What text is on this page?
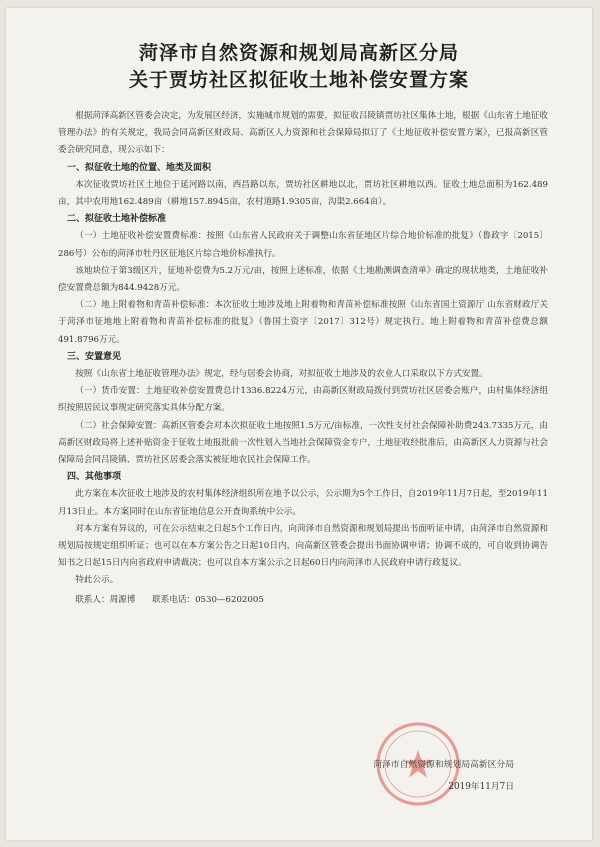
菏泽市自然资源和规划局高新区分局
关于贾坊社区拟征收土地补偿安置方案

根据菏泽高新区管委会决定，为发展区经济，实施城市规划的需要，拟征收吕陵镇贾坊社区集体土地，根据《山东省土地征收管理办法》的有关规定，我局会同高新区财政局、高新区人力资源和社会保障局拟订了《土地征收补偿安置方案》，已报高新区管委会研究同意，现公示如下：

一、拟征收土地的位置、地类及面积

本次征收贾坊社区土地位于延河路以南，西昌路以东，贾坊社区耕地以北，贾坊社区耕地以西。征收土地总面积为162.489亩，其中农用地162.489亩（耕地157.8945亩，农村道路1.9305亩，沟渠2.664亩）。

二、拟征收土地补偿标准

（一）土地征收补偿安置费标准：按照《山东省人民政府关于调整山东省征地区片综合地价标准的批复》（鲁政字〔2015〕286号）公布的菏泽市牡丹区征地区片综合地价标准执行。

该地块位于第3级区片，征地补偿费为5.2万元/亩，按照上述标准，依据《土地勘测调查清单》确定的现状地类，土地征收补偿安置费总额为844.9428万元。

（二）地上附着物和青苗补偿标准：本次征收土地涉及地上附着物和青苗补偿标准按照《山东省国土资源厅 山东省财政厅关于菏泽市征地地上附着物和青苗补偿标准的批复》（鲁国土资字〔2017〕312号）规定执行。地上附着物和青苗补偿费总额491.8796万元。

三、安置意见

按照《山东省土地征收管理办法》规定，经与居委会协商，对拟征收土地涉及的农业人口采取以下方式安置。

（一）货币安置：土地征收补偿安置费总计1336.8224万元，由高新区财政局拨付到贾坊社区居委会账户，由村集体经济组织按照居民议事规定研究落实具体分配方案。

（二）社会保障安置：高新区管委会对本次拟征收土地按照1.5万元/亩标准，一次性支付社会保障补助费243.7335万元，由高新区财政局将上述补贴资金于征收土地报批前一次性划入当地社会保障资金专户，土地征收经批准后，由高新区人力资源与社会保障局会同吕陵镇、贾坊社区居委会落实被征地农民社会保障工作。

四、其他事项

此方案在本次征收土地涉及的农村集体经济组织所在地予以公示，公示期为5个工作日，自2019年11月7日起，至2019年11月13日止。本方案同时在山东省征地信息公开查询系统中公示。

对本方案有异议的，可在公示结束之日起5个工作日内，向菏泽市自然资源和规划局提出书面听证申请，由菏泽市自然资源和规划局按规定组织听证；也可以在本方案公告之日起10日内，向高新区管委会提出书面协调申请；协调不成的，可自收到协调告知书之日起15日内向省政府申请裁决；也可以自本方案公示之日起60日内向菏泽市人民政府申请行政复议。

特此公示。

联系人：周源博 联系电话：0530—6202005
菏泽市自然资源和规划局高新区分局
2019年11月7日
